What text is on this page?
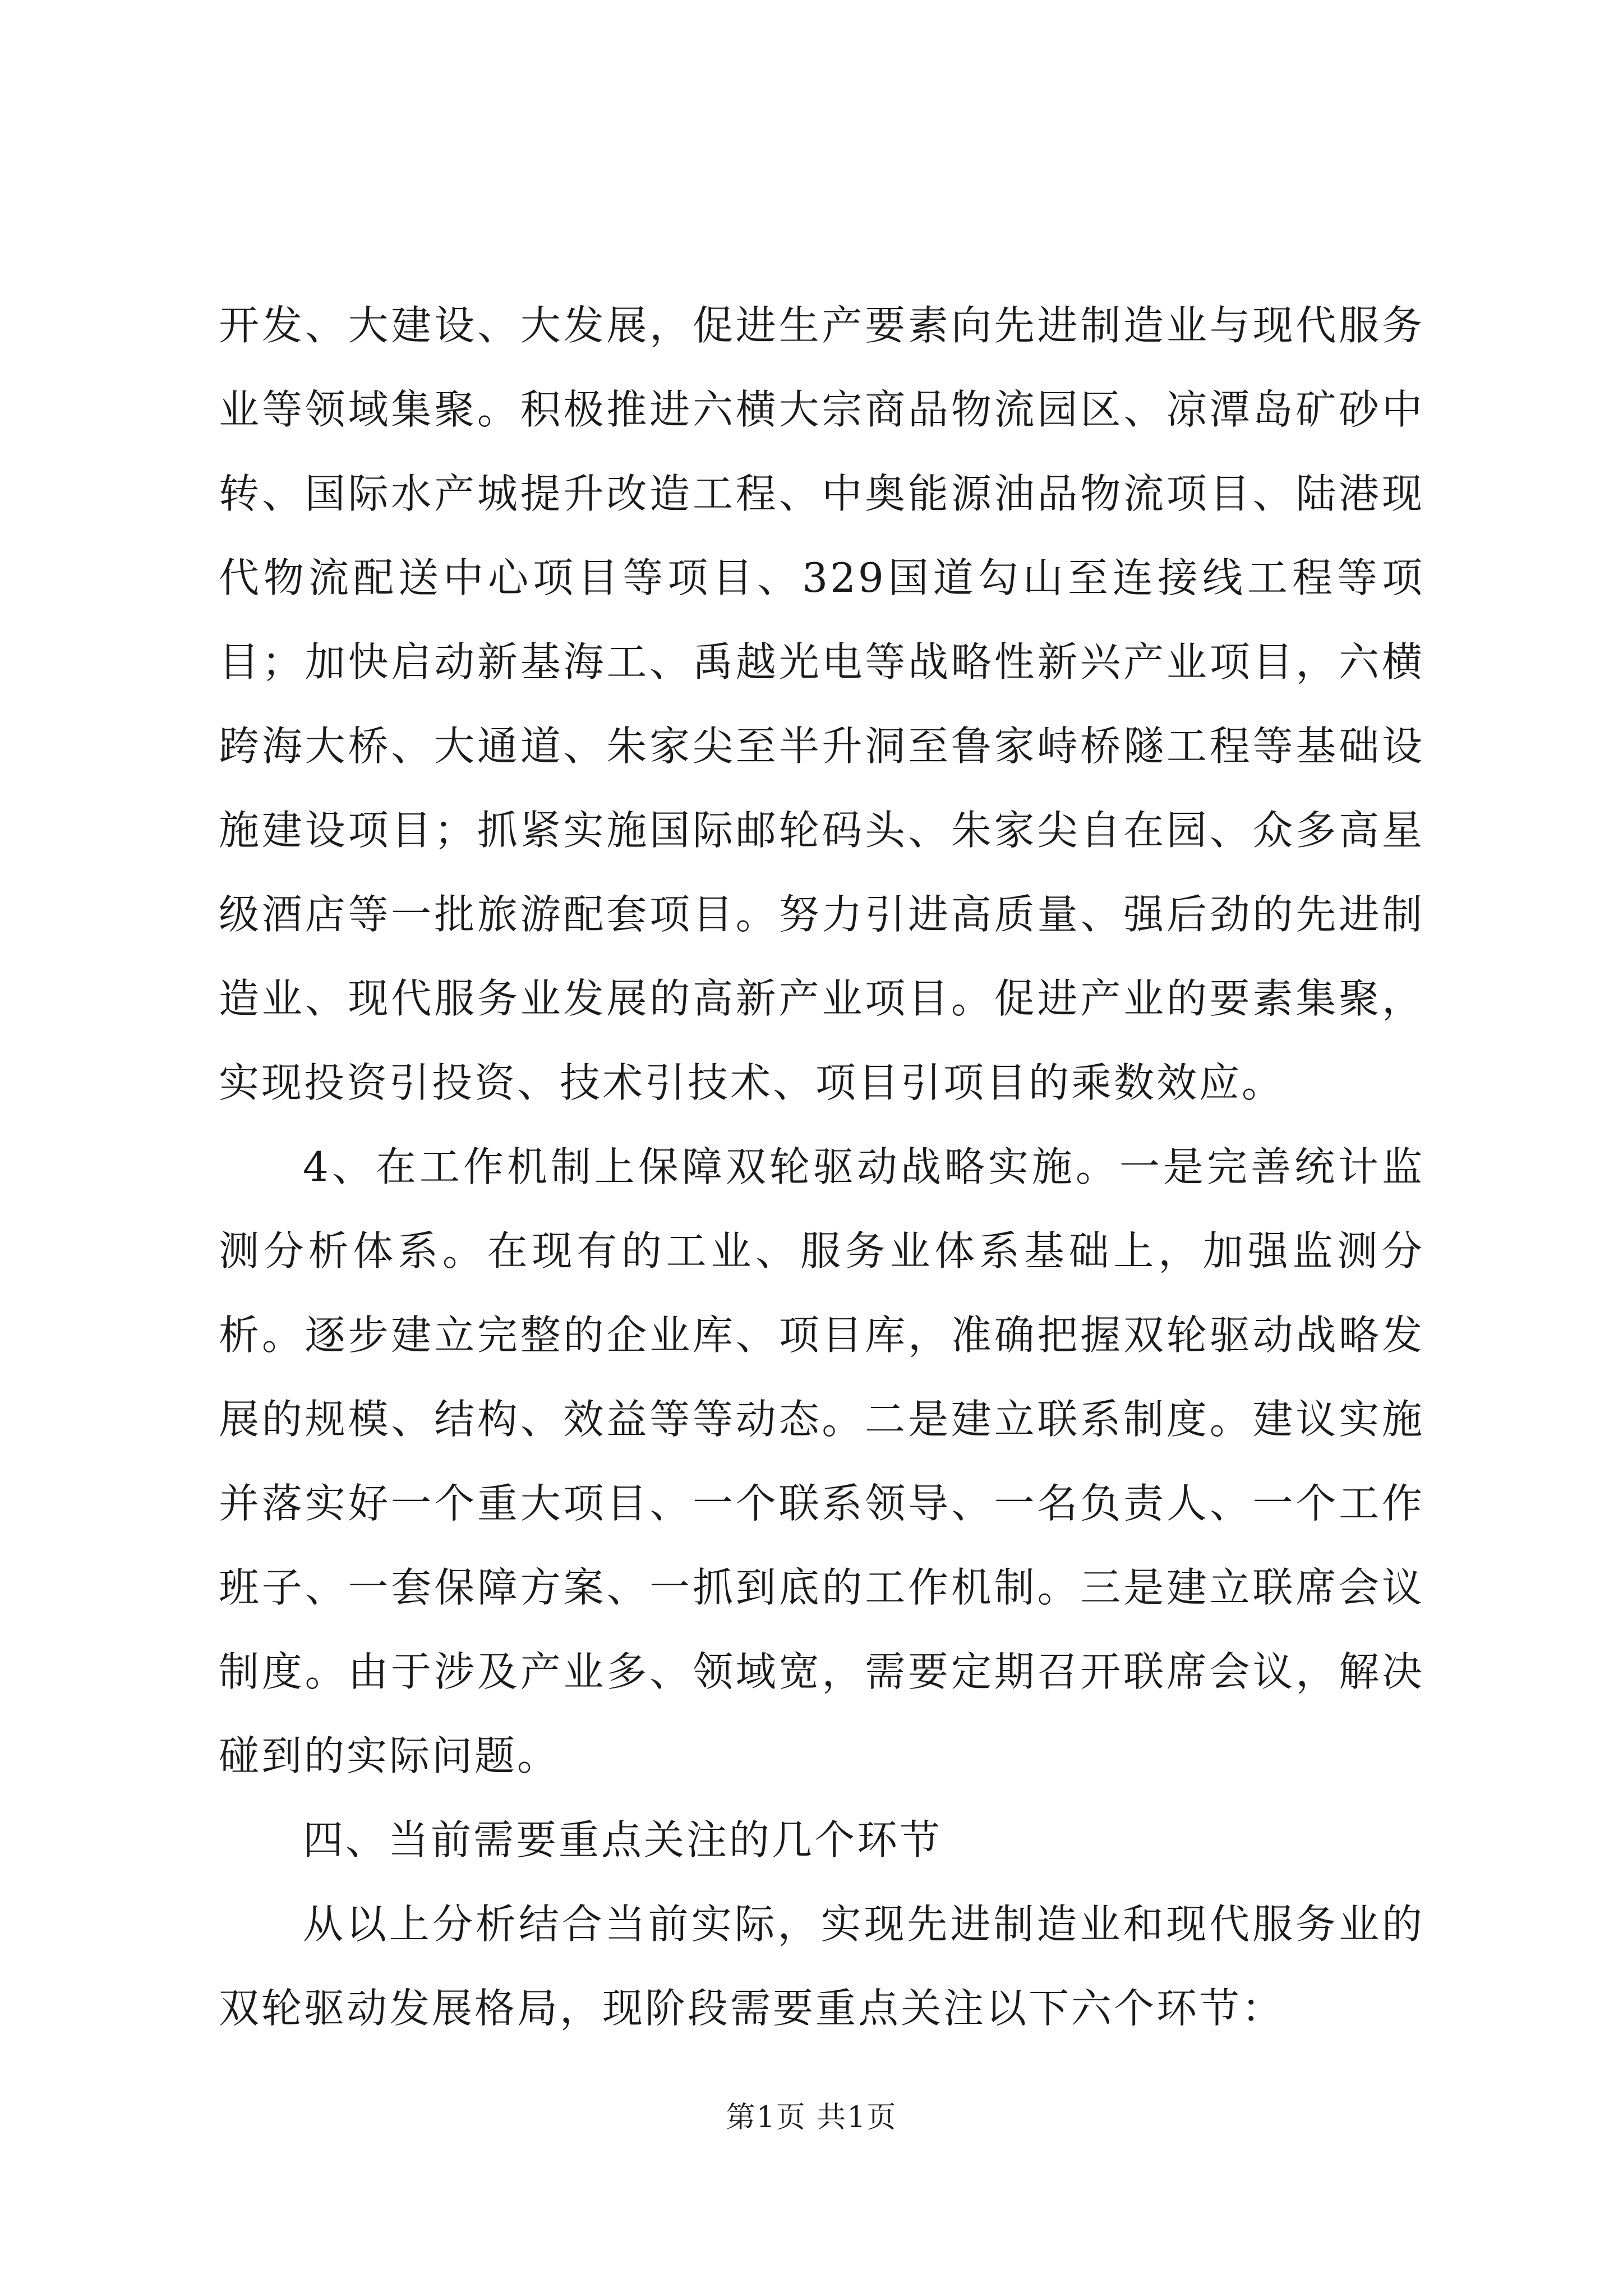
开发、大建设、大发展，促进生产要素向先进制造业与现代服务业等领域集聚。积极推进六横大宗商品物流园区、凉潭岛矿砂中转、国际水产城提升改造工程、中奥能源油品物流项目、陆港现代物流配送中心项目等项目、329国道勾山至连接线工程等项目；加快启动新基海工、禹越光电等战略性新兴产业项目，六横跨海大桥、大通道、朱家尖至半升洞至鲁家峙桥隧工程等基础设施建设项目；抓紧实施国际邮轮码头、朱家尖自在园、众多高星级酒店等一批旅游配套项目。努力引进高质量、强后劲的先进制造业、现代服务业发展的高新产业项目。促进产业的要素集聚，实现投资引投资、技术引技术、项目引项目的乘数效应。

4、在工作机制上保障双轮驱动战略实施。一是完善统计监测分析体系。在现有的工业、服务业体系基础上，加强监测分析。逐步建立完整的企业库、项目库，准确把握双轮驱动战略发展的规模、结构、效益等等动态。二是建立联系制度。建议实施并落实好一个重大项目、一个联系领导、一名负责人、一个工作班子、一套保障方案、一抓到底的工作机制。三是建立联席会议制度。由于涉及产业多、领域宽，需要定期召开联席会议，解决碰到的实际问题。

四、当前需要重点关注的几个环节

从以上分析结合当前实际，实现先进制造业和现代服务业的双轮驱动发展格局，现阶段需要重点关注以下六个环节：

第1页 共1页
